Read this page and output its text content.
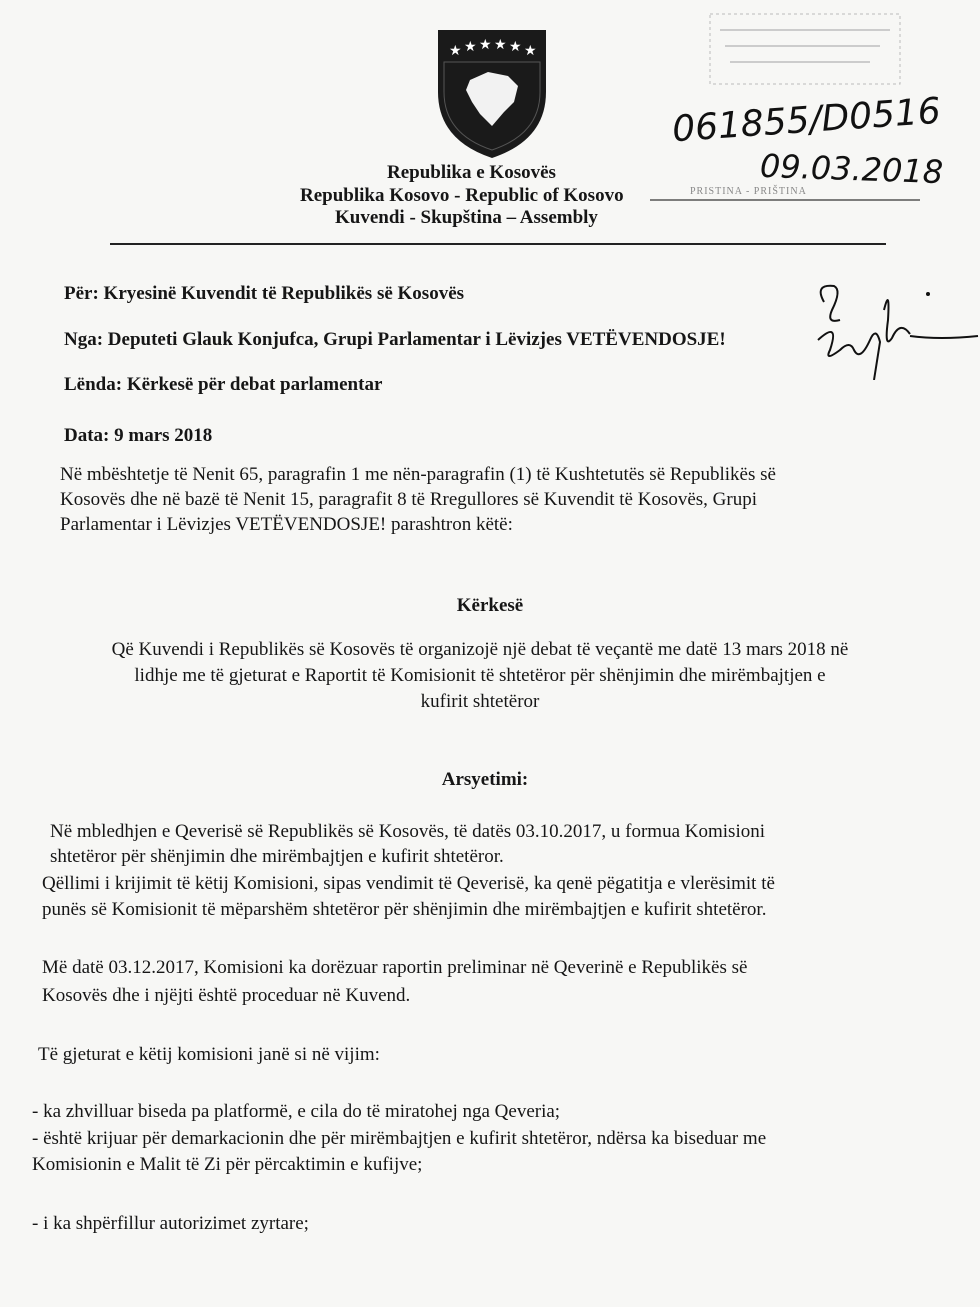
★ ★ ★ ★ ★ ★
061855/D0516
09.03.2018
PRISTINA - PRIŠTINA
Republika e Kosovës
Republika Kosovo - Republic of Kosovo
Kuvendi - Skupština – Assembly
Për: Kryesinë Kuvendit të Republikës së Kosovës
Nga: Deputeti Glauk Konjufca, Grupi Parlamentar i Lëvizjes VETËVENDOSJE!
Lënda: Kërkesë për debat parlamentar
Data: 9 mars 2018
Në mbështetje të Nenit 65, paragrafin 1 me nën-paragrafin (1) të Kushtetutës së Republikës së
Kosovës dhe në bazë të Nenit 15, paragrafit 8 të Rregullores së Kuvendit të Kosovës, Grupi
Parlamentar i Lëvizjes VETËVENDOSJE! parashtron këtë:
Kërkesë
Që Kuvendi i Republikës së Kosovës të organizojë një debat të veçantë me datë 13 mars 2018 në
lidhje me të gjeturat e Raportit të Komisionit të shtetëror për shënjimin dhe mirëmbajtjen e
kufirit shtetëror
Arsyetimi:
Në mbledhjen e Qeverisë së Republikës së Kosovës, të datës 03.10.2017, u formua Komisioni
shtetëror për shënjimin dhe mirëmbajtjen e kufirit shtetëror.
Qëllimi i krijimit të këtij Komisioni, sipas vendimit të Qeverisë, ka qenë pëgatitja e vlerësimit të
punës së Komisionit të mëparshëm shtetëror për shënjimin dhe mirëmbajtjen e kufirit shtetëror.
Më datë 03.12.2017, Komisioni ka dorëzuar raportin preliminar në Qeverinë e Republikës së
Kosovës dhe i njëjti është proceduar në Kuvend.
Të gjeturat e këtij komisioni janë si në vijim:
- ka zhvilluar biseda pa platformë, e cila do të miratohej nga Qeveria;
- është krijuar për demarkacionin dhe për mirëmbajtjen e kufirit shtetëror, ndërsa ka biseduar me
Komisionin e Malit të Zi për përcaktimin e kufijve;
- i ka shpërfillur autorizimet zyrtare;
